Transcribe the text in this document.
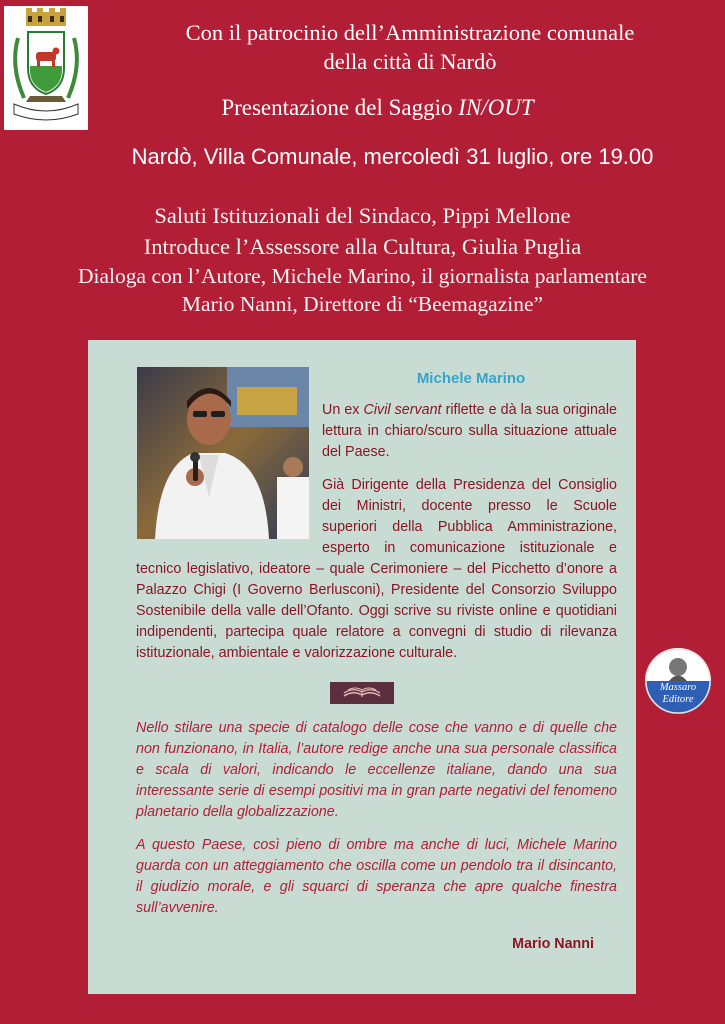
Con il patrocinio dell’Amministrazione comunale
della città di Nardò
Presentazione del Saggio IN/OUT
Nardò, Villa Comunale, mercoledì 31 luglio, ore 19.00
Saluti Istituzionali del Sindaco, Pippi Mellone
Introduce l’Assessore alla Cultura, Giulia Puglia
Dialoga con l’Autore, Michele Marino, il giornalista parlamentare
Mario Nanni, Direttore di “Beemagazine”
Michele Marino

Un ex Civil servant riflette e dà la sua originale lettura in chiaro/scuro sulla situazione attuale del Paese.

Già Dirigente della Presidenza del Consiglio dei Ministri, docente presso le Scuole superiori della Pubblica Amministrazione, esperto in comunicazione istituzionale e tecnico legislativo, ideatore – quale Cerimoniere – del Picchetto d’onore a Palazzo Chigi (I Governo Berlusconi), Presidente del Consorzio Sviluppo Sostenibile della valle dell’Ofanto. Oggi scrive su riviste online e quotidiani indipendenti, partecipa quale relatore a convegni di studio di rilevanza istituzionale, ambientale e valorizzazione culturale.

Nello stilare una specie di catalogo delle cose che vanno e di quelle che non funzionano, in Italia, l’autore redige anche una sua personale classifica e scala di valori, indicando le eccellenze italiane, dando una sua interessante serie di esempi positivi ma in gran parte negativi del fenomeno planetario della globalizzazione.

A questo Paese, così pieno di ombre ma anche di luci, Michele Marino guarda con un atteggiamento che oscilla come un pendolo tra il disincanto, il giudizio morale, e gli squarci di speranza che apre qualche finestra sull’avvenire.

Mario Nanni
Massaro
Editore
